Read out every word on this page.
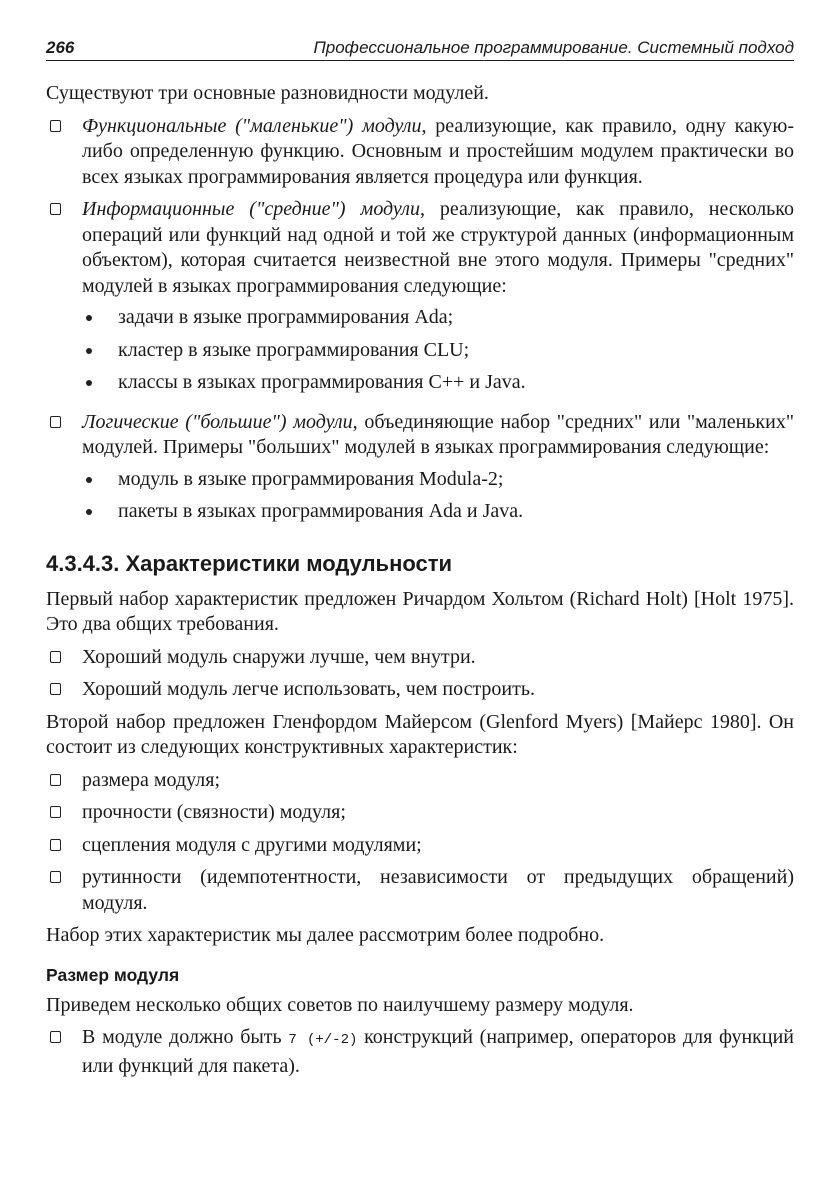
266	Профессиональное программирование. Системный подход

Существуют три основные разновидности модулей.

Функциональные ("маленькие") модули, реализующие, как правило, одну какую-либо определенную функцию. Основным и простейшим модулем практически во всех языках программирования является процедура или функция.
Информационные ("средние") модули, реализующие, как правило, несколько операций или функций над одной и той же структурой данных (информационным объектом), которая считается неизвестной вне этого модуля. Примеры "средних" модулей в языках программирования следующие:
задачи в языке программирования Ada;
кластер в языке программирования CLU;
классы в языках программирования C++ и Java.
Логические ("большие") модули, объединяющие набор "средних" или "маленьких" модулей. Примеры "больших" модулей в языках программирования следующие:
модуль в языке программирования Modula-2;
пакеты в языках программирования Ada и Java.
4.3.4.3. Характеристики модульности

Первый набор характеристик предложен Ричардом Хольтом (Richard Holt) [Holt 1975]. Это два общих требования.

Хороший модуль снаружи лучше, чем внутри.
Хороший модуль легче использовать, чем построить.

Второй набор предложен Гленфордом Майерсом (Glenford Myers) [Майерс 1980]. Он состоит из следующих конструктивных характеристик:

размера модуля;
прочности (связности) модуля;
сцепления модуля с другими модулями;
рутинности (идемпотентности, независимости от предыдущих обращений) модуля.

Набор этих характеристик мы далее рассмотрим более подробно.

Размер модуля

Приведем несколько общих советов по наилучшему размеру модуля.

В модуле должно быть 7 (+/-2) конструкций (например, операторов для функций или функций для пакета).
